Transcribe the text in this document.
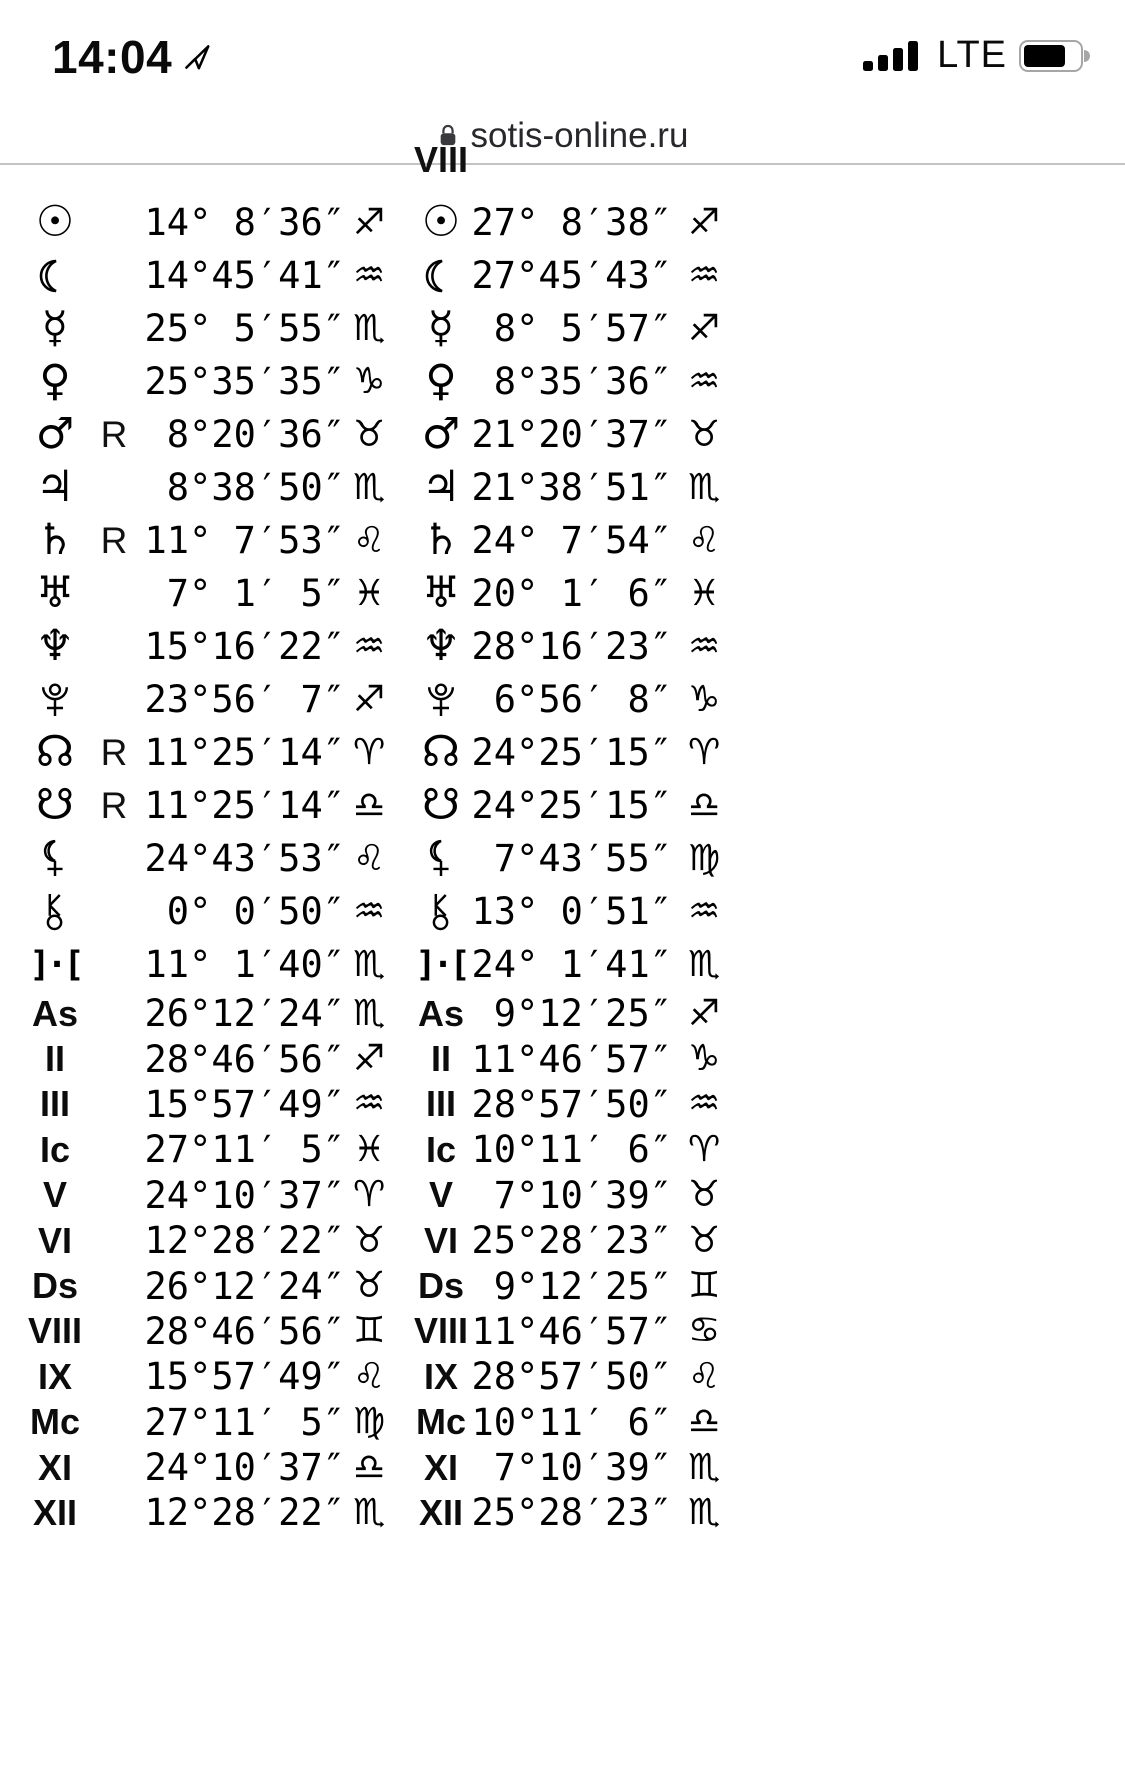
14:04	LTE
sotis-online.ru
VIII
☉ 14° 8′36″ ♐
14°45′41″ ♒
☿ 25° 5′55″ ♏
♀ 25°35′35″ ♑
♂ R 8°20′36″ ♉
♃ 8°38′50″ ♏
♄ R 11° 7′53″ ♌
♅ 7° 1′ 5″ ♓
♆ 15°16′22″ ♒
23°56′ 7″ ♐
☊ R 11°25′14″ ♈
☋ R 11°25′14″ ♎
24°43′53″ ♌
0° 0′50″ ♒
]·[ 11° 1′40″ ♏
As 26°12′24″ ♏
II 28°46′56″ ♐
III 15°57′49″ ♒
Ic 27°11′ 5″ ♓
V 24°10′37″ ♈
VI 12°28′22″ ♉
Ds 26°12′24″ ♉
VIII 28°46′56″ ♊
IX 15°57′49″ ♌
Mc 27°11′ 5″ ♍
XI 24°10′37″ ♎
XII 12°28′22″ ♏
☉ 27° 8′38″ ♐
27°45′43″ ♒
☿ 8° 5′57″ ♐
♀ 8°35′36″ ♒
♂ 21°20′37″ ♉
♃ 21°38′51″ ♏
♄ 24° 7′54″ ♌
♅ 20° 1′ 6″ ♓
♆ 28°16′23″ ♒
6°56′ 8″ ♑
☊ 24°25′15″ ♈
☋ 24°25′15″ ♎
7°43′55″ ♍
13° 0′51″ ♒
]·[ 24° 1′41″ ♏
As 9°12′25″ ♐
II 11°46′57″ ♑
III 28°57′50″ ♒
Ic 10°11′ 6″ ♈
V 7°10′39″ ♉
VI 25°28′23″ ♉
Ds 9°12′25″ ♊
VIII 11°46′57″ ♋
IX 28°57′50″ ♌
Mc 10°11′ 6″ ♎
XI 7°10′39″ ♏
XII 25°28′23″ ♏
